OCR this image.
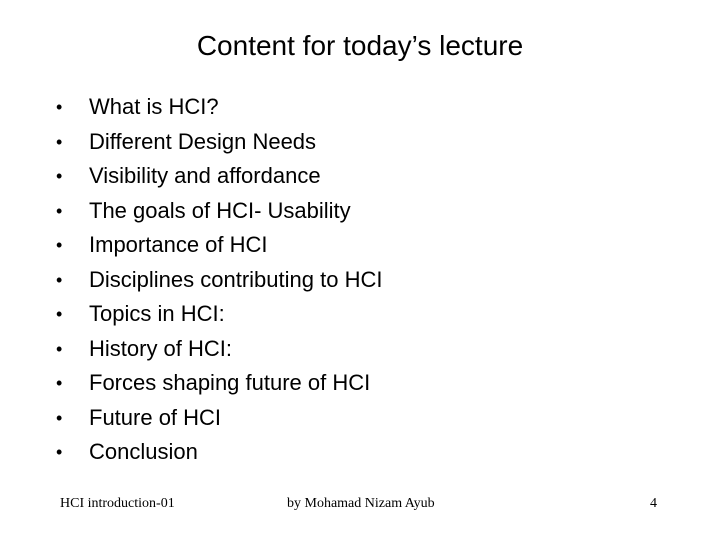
Content for today’s lecture
•	What is HCI?
•	Different Design Needs
•	Visibility and affordance
•	The goals of HCI- Usability
•	Importance of HCI
•	Disciplines contributing to HCI
•	Topics in HCI:
•	History of HCI:
•	Forces shaping future of HCI
•	Future of HCI
•	Conclusion
HCI introduction-01	by Mohamad Nizam Ayub	4
